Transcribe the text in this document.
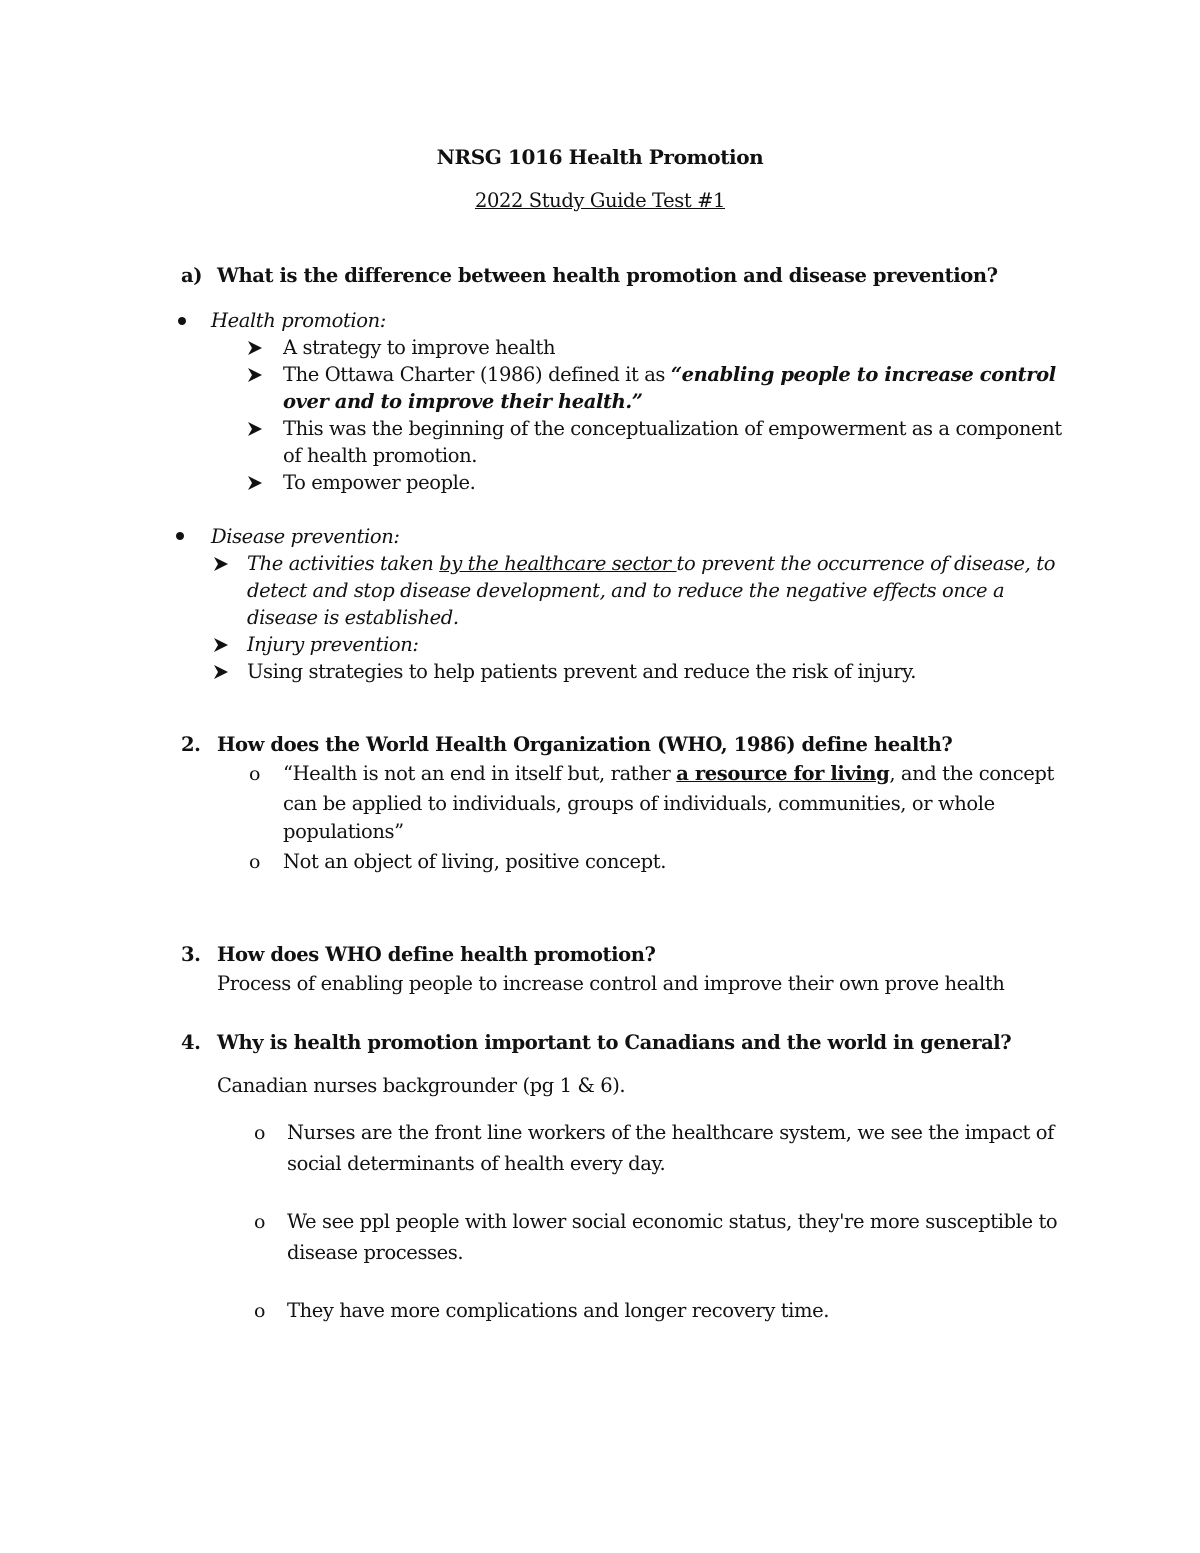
NRSG 1016 Health Promotion
2022 Study Guide Test #1
a) What is the difference between health promotion and disease prevention?
Health promotion:
A strategy to improve health
The Ottawa Charter (1986) defined it as “enabling people to increase control
over and to improve their health.”
This was the beginning of the conceptualization of empowerment as a component
of health promotion.
To empower people.
Disease prevention:
The activities taken by the healthcare sector to prevent the occurrence of disease, to
detect and stop disease development, and to reduce the negative effects once a
disease is established.
Injury prevention:
Using strategies to help patients prevent and reduce the risk of injury.
2. How does the World Health Organization (WHO, 1986) define health?
o “Health is not an end in itself but, rather a resource for living, and the concept
can be applied to individuals, groups of individuals, communities, or whole
populations”
o Not an object of living, positive concept.
3. How does WHO define health promotion?
Process of enabling people to increase control and improve their own prove health
4. Why is health promotion important to Canadians and the world in general?
Canadian nurses backgrounder (pg 1 & 6).
o Nurses are the front line workers of the healthcare system, we see the impact of
social determinants of health every day.
o We see ppl people with lower social economic status, they're more susceptible to
disease processes.
o They have more complications and longer recovery time.
